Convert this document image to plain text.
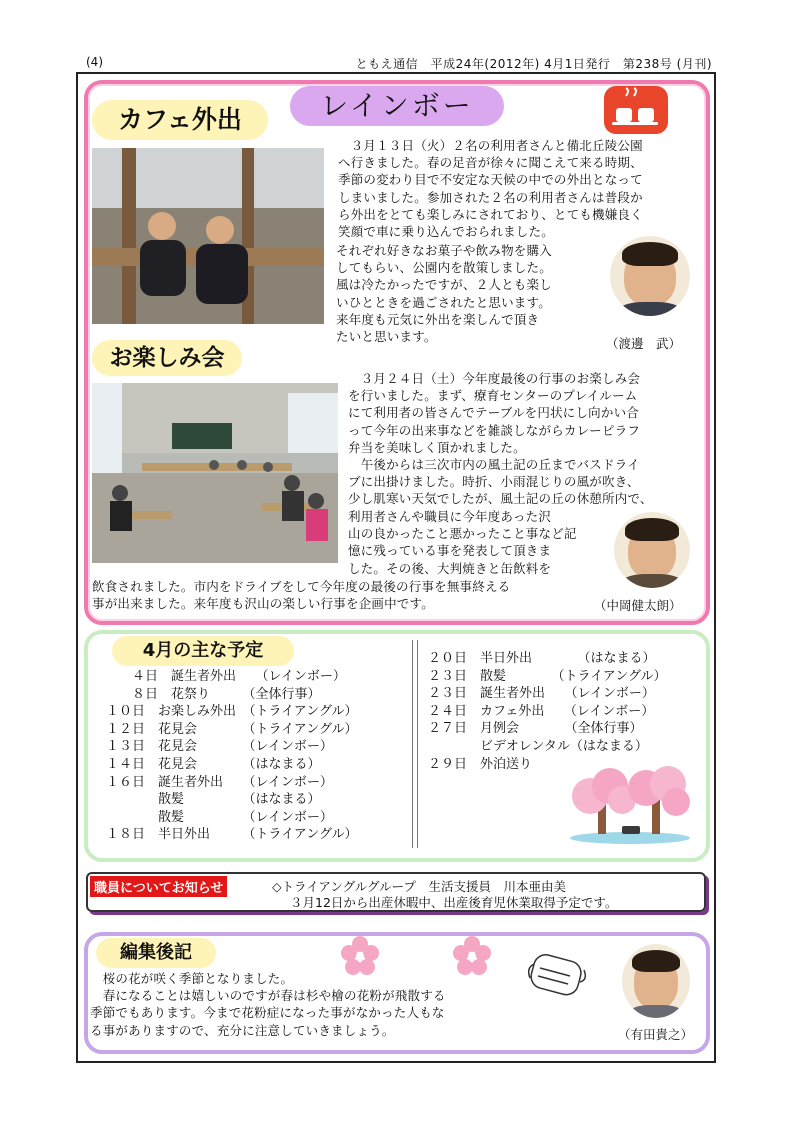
(4)	ともえ通信　平成24年(2012年) 4月1日発行　第238号 (月刊)
カフェ外出	レインボー
　３月１３日（火）２名の利用者さんと備北丘陵公園
へ行きました。春の足音が徐々に聞こえて来る時期、
季節の変わり目で不安定な天候の中での外出となって
しまいました。参加された２名の利用者さんは普段か
ら外出をとても楽しみにされており、とても機嫌良く
笑顔で車に乗り込んでおられました。
それぞれ好きなお菓子や飲み物を購入
してもらい、公園内を散策しました。
風は冷たかったですが、２人とも楽し
いひとときを過ごされたと思います。
来年度も元気に外出を楽しんで頂き
たいと思います。	（渡邊　武）
お楽しみ会
　３月２４日（土）今年度最後の行事のお楽しみ会
を行いました。まず、療育センターのプレイルーム
にて利用者の皆さんでテーブルを円状にし向かい合
って今年の出来事などを雑談しながらカレーピラフ
弁当を美味しく頂かれました。
　午後からは三次市内の風土記の丘までバスドライ
ブに出掛けました。時折、小雨混じりの風が吹き、
少し肌寒い天気でしたが、風土記の丘の休憩所内で、
利用者さんや職員に今年度あった沢
山の良かったこと悪かったこと事など記
憶に残っている事を発表して頂きま
した。その後、大判焼きと缶飲料を
飲食されました。市内をドライブをして今年度の最後の行事を無事終える
事が出来ました。来年度も沢山の楽しい行事を企画中です。	（中岡健太朗）
4月の主な予定
　　４日　誕生者外出　　（レインボー）
　　８日　花祭り　　　（全体行事）
１０日　お楽しみ外出　（トライアングル）
１２日　花見会　　　　（トライアングル）
１３日　花見会　　　　（レインボー）
１４日　花見会　　　　（はなまる）
１６日　誕生者外出　　（レインボー）
　　　　散髪　　　　　（はなまる）
　　　　散髪　　　　　（レインボー）
１８日　半日外出　　　（トライアングル）
２０日　半日外出　　　　（はなまる）
２３日　散髪　　　　（トライアングル）
２３日　誕生者外出　　（レインボー）
２４日　カフェ外出　　（レインボー）
２７日　月例会　　　　（全体行事）
　　　　ビデオレンタル（はなまる）
２９日　外泊送り
職員についてお知らせ	◇トライアングルグループ　生活支援員　川本亜由美
３月12日から出産休暇中、出産後育児休業取得予定です。
編集後記
　桜の花が咲く季節となりました。
　春になることは嬉しいのですが春は杉や檜の花粉が飛散する
季節でもあります。今まで花粉症になった事がなかった人もな
る事がありますので、充分に注意していきましょう。	（有田貴之）
